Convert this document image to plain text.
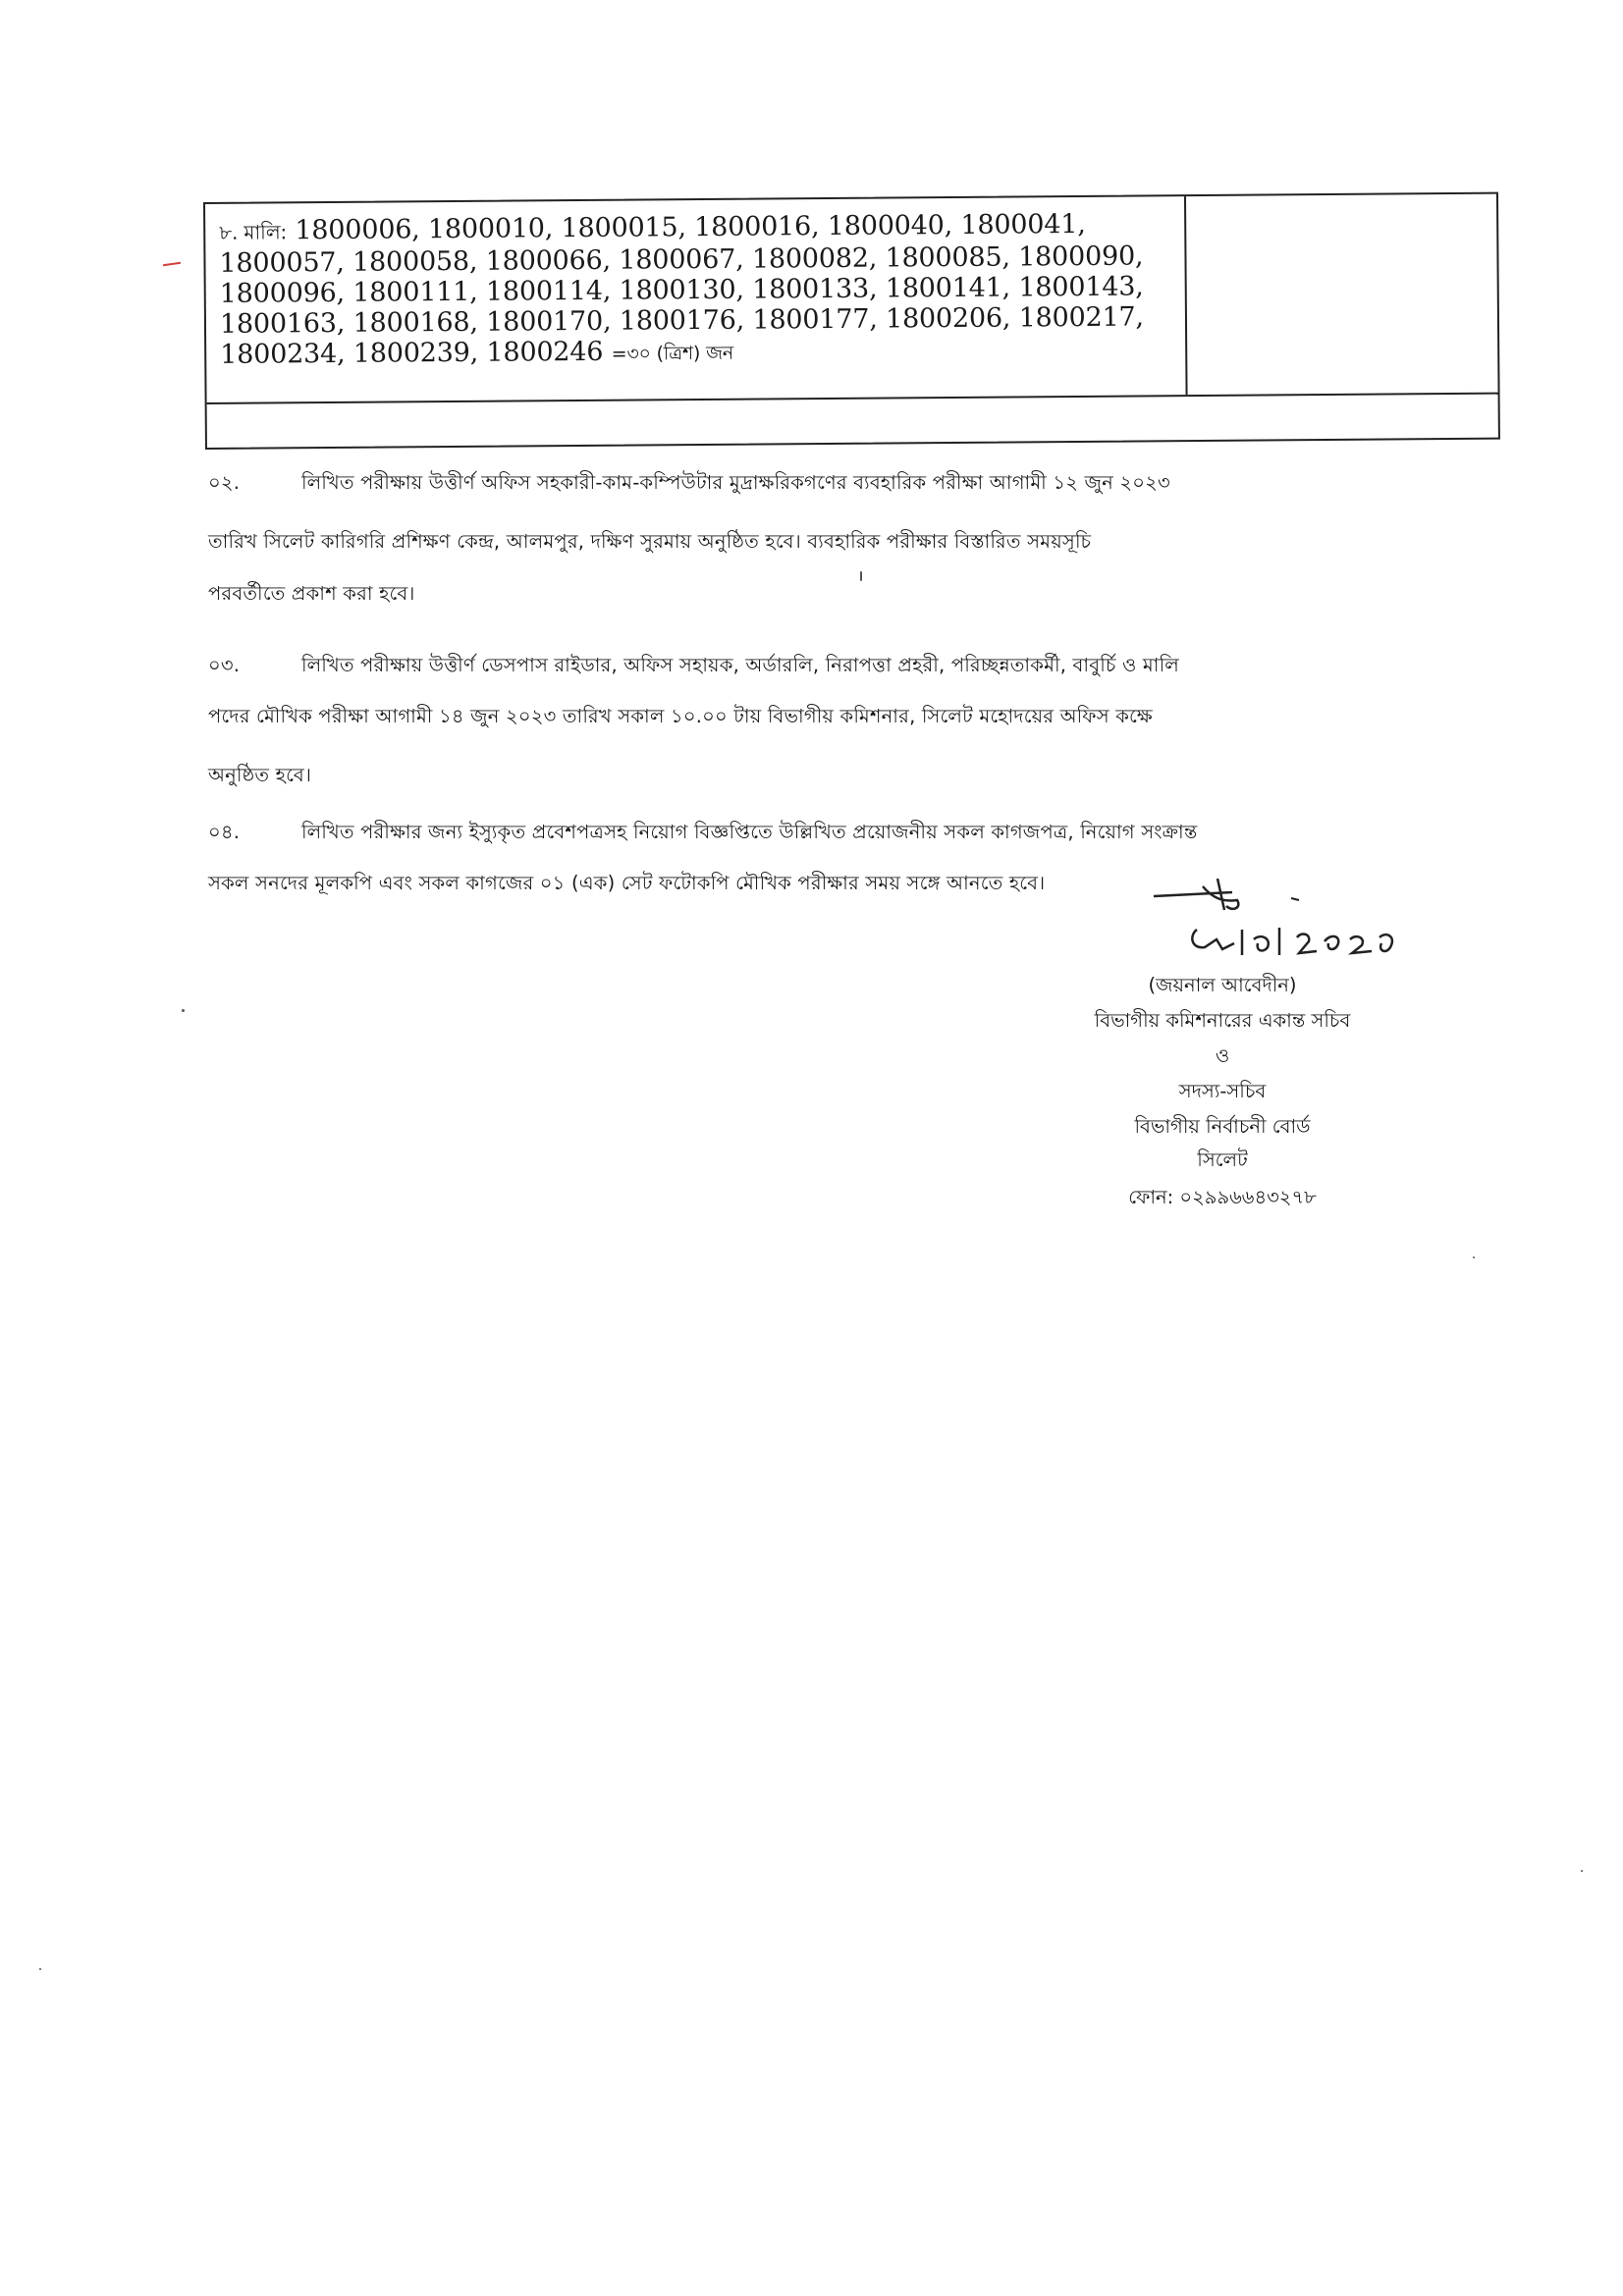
৮. মালি: 1800006, 1800010, 1800015, 1800016, 1800040, 1800041,
1800057, 1800058, 1800066, 1800067, 1800082, 1800085, 1800090,
1800096, 1800111, 1800114, 1800130, 1800133, 1800141, 1800143,
1800163, 1800168, 1800170, 1800176, 1800177, 1800206, 1800217,
1800234, 1800239, 1800246 =৩০ (ত্রিশ) জন
০২.	লিখিত পরীক্ষায় উত্তীর্ণ অফিস সহকারী-কাম-কম্পিউটার মুদ্রাক্ষরিকগণের ব্যবহারিক পরীক্ষা আগামী ১২ জুন ২০২৩
তারিখ সিলেট কারিগরি প্রশিক্ষণ কেন্দ্র, আলমপুর, দক্ষিণ সুরমায় অনুষ্ঠিত হবে। ব্যবহারিক পরীক্ষার বিস্তারিত সময়সূচি
পরবর্তীতে প্রকাশ করা হবে।
০৩.	লিখিত পরীক্ষায় উত্তীর্ণ ডেসপাস রাইডার, অফিস সহায়ক, অর্ডারলি, নিরাপত্তা প্রহরী, পরিচ্ছন্নতাকর্মী, বাবুর্চি ও মালি
পদের মৌখিক পরীক্ষা আগামী ১৪ জুন ২০২৩ তারিখ সকাল ১০.০০ টায় বিভাগীয় কমিশনার, সিলেট মহোদয়ের অফিস কক্ষে
অনুষ্ঠিত হবে।
০৪.	লিখিত পরীক্ষার জন্য ইস্যুকৃত প্রবেশপত্রসহ নিয়োগ বিজ্ঞপ্তিতে উল্লিখিত প্রয়োজনীয় সকল কাগজপত্র, নিয়োগ সংক্রান্ত
সকল সনদের মূলকপি এবং সকল কাগজের ০১ (এক) সেট ফটোকপি মৌখিক পরীক্ষার সময় সঙ্গে আনতে হবে।
(জয়নাল আবেদীন)
বিভাগীয় কমিশনারের একান্ত সচিব
ও
সদস্য-সচিব
বিভাগীয় নির্বাচনী বোর্ড
সিলেট
ফোন: ০২৯৯৬৬৪৩২৭৮
